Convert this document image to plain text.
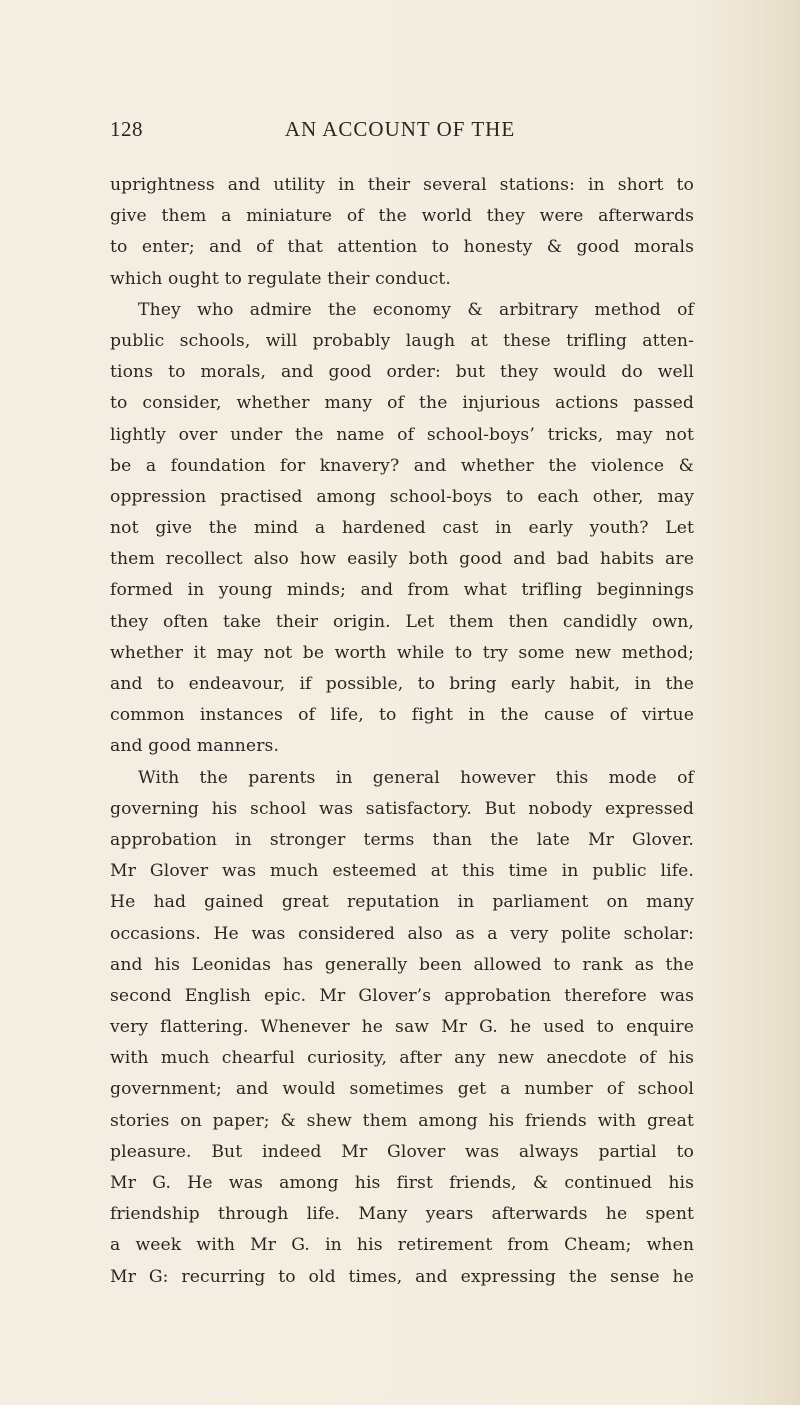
128	AN ACCOUNT OF THE
uprightness and utility in their several stations: in short to
give them a miniature of the world they were afterwards
to enter; and of that attention to honesty & good morals
which ought to regulate their conduct.
They who admire the economy & arbitrary method of
public schools, will probably laugh at these trifling atten-
tions to morals, and good order: but they would do well
to consider, whether many of the injurious actions passed
lightly over under the name of school-boys’ tricks, may not
be a foundation for knavery? and whether the violence &
oppression practised among school-boys to each other, may
not give the mind a hardened cast in early youth? Let
them recollect also how easily both good and bad habits are
formed in young minds; and from what trifling beginnings
they often take their origin. Let them then candidly own,
whether it may not be worth while to try some new method;
and to endeavour, if possible, to bring early habit, in the
common instances of life, to fight in the cause of virtue
and good manners.
With the parents in general however this mode of
governing his school was satisfactory. But nobody expressed
approbation in stronger terms than the late Mr Glover.
Mr Glover was much esteemed at this time in public life.
He had gained great reputation in parliament on many
occasions. He was considered also as a very polite scholar:
and his Leonidas has generally been allowed to rank as the
second English epic. Mr Glover’s approbation therefore was
very flattering. Whenever he saw Mr G. he used to enquire
with much chearful curiosity, after any new anecdote of his
government; and would sometimes get a number of school
stories on paper; & shew them among his friends with great
pleasure. But indeed Mr Glover was always partial to
Mr G. He was among his first friends, & continued his
friendship through life. Many years afterwards he spent
a week with Mr G. in his retirement from Cheam; when
Mr G: recurring to old times, and expressing the sense he
